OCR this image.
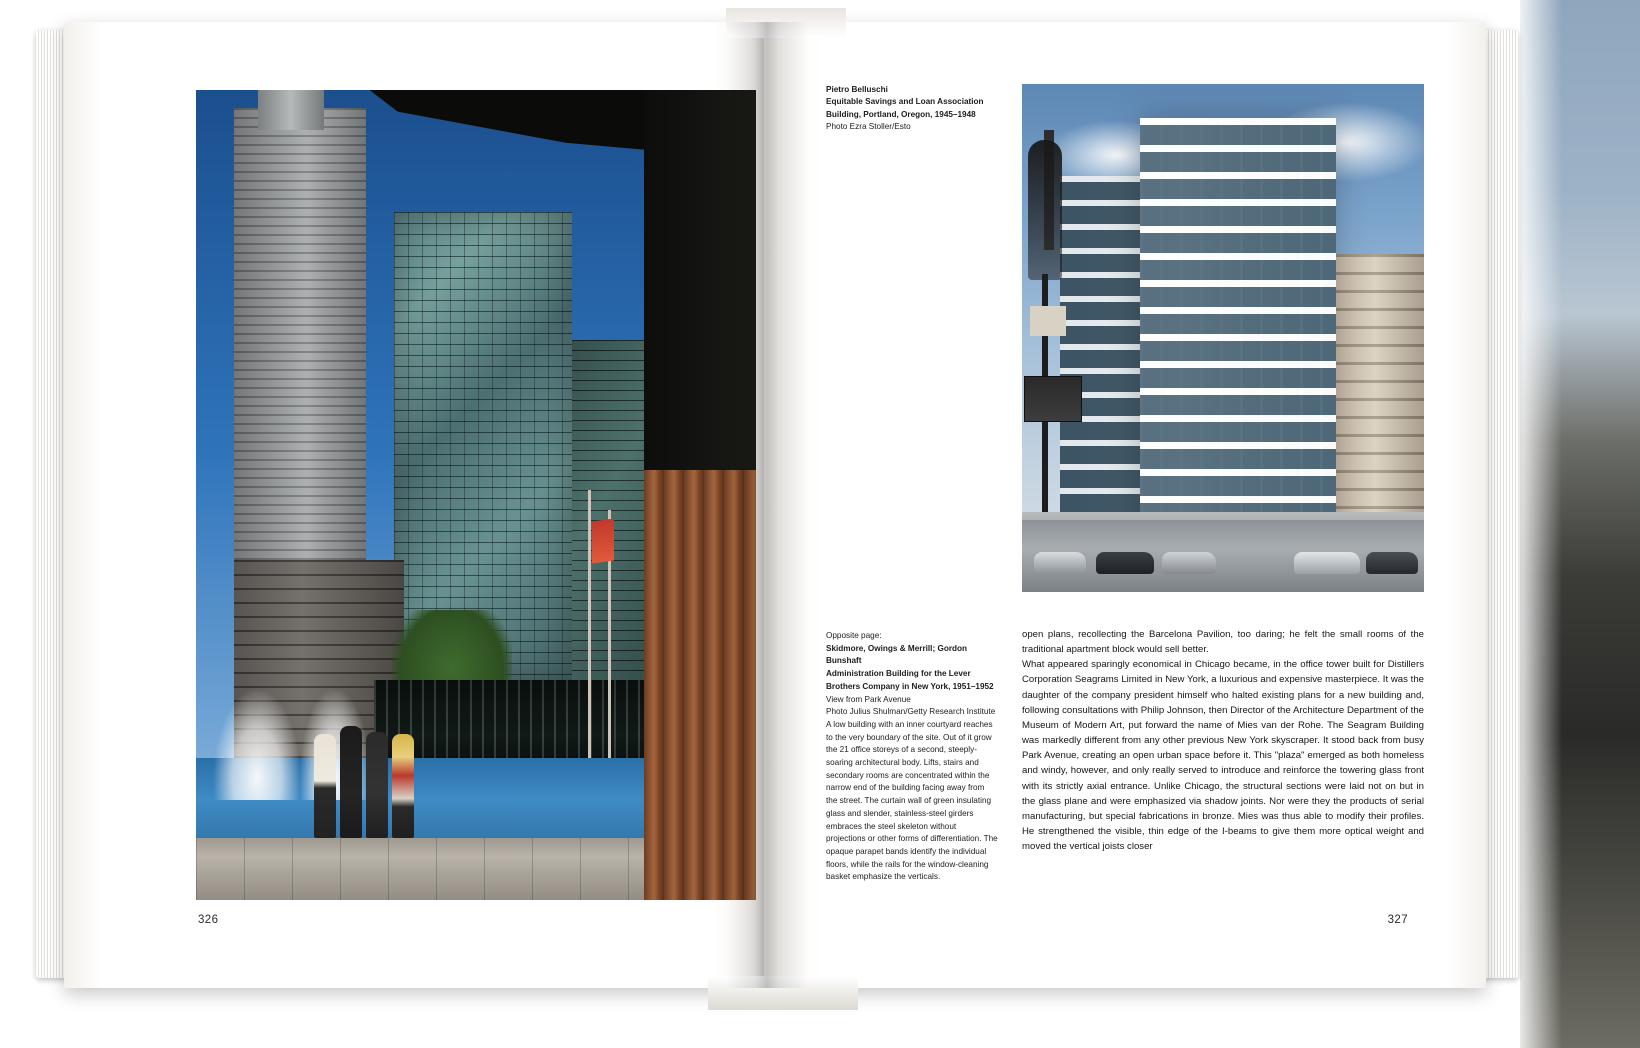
326
Pietro Belluschi
Equitable Savings and Loan Association Building, Portland, Oregon, 1945–1948
Photo Ezra Stoller/Esto

Opposite page:

Skidmore, Owings & Merrill; Gordon Bunshaft

Administration Building for the Lever Brothers Company in New York, 1951–1952

View from Park Avenue

Photo Julius Shulman/Getty Research Institute

A low building with an inner courtyard reaches to the very boundary of the site. Out of it grow the 21 office storeys of a second, steeply-soaring architectural body. Lifts, stairs and secondary rooms are concentrated within the narrow end of the building facing away from the street. The curtain wall of green insulating glass and slender, stainless-steel girders embraces the steel skeleton without projections or other forms of differentiation. The opaque parapet bands identify the individual floors, while the rails for the window-cleaning basket emphasize the verticals.

open plans, recollecting the Barcelona Pavilion, too daring; he felt the small rooms of the traditional apartment block would sell better.

What appeared sparingly economical in Chicago became, in the office tower built for Distillers Corporation Seagrams Limited in New York, a luxurious and expensive masterpiece. It was the daughter of the company president himself who halted existing plans for a new building and, following consultations with Philip Johnson, then Director of the Architecture Department of the Museum of Modern Art, put forward the name of Mies van der Rohe. The Seagram Building was markedly different from any other previous New York skyscraper. It stood back from busy Park Avenue, creating an open urban space before it. This "plaza" emerged as both homeless and windy, however, and only really served to introduce and reinforce the towering glass front with its strictly axial entrance. Unlike Chicago, the structural sections were laid not on but in the glass plane and were emphasized via shadow joints. Nor were they the products of serial manufacturing, but special fabrications in bronze. Mies was thus able to modify their profiles. He strengthened the visible, thin edge of the I-beams to give them more optical weight and moved the vertical joists closer

327
